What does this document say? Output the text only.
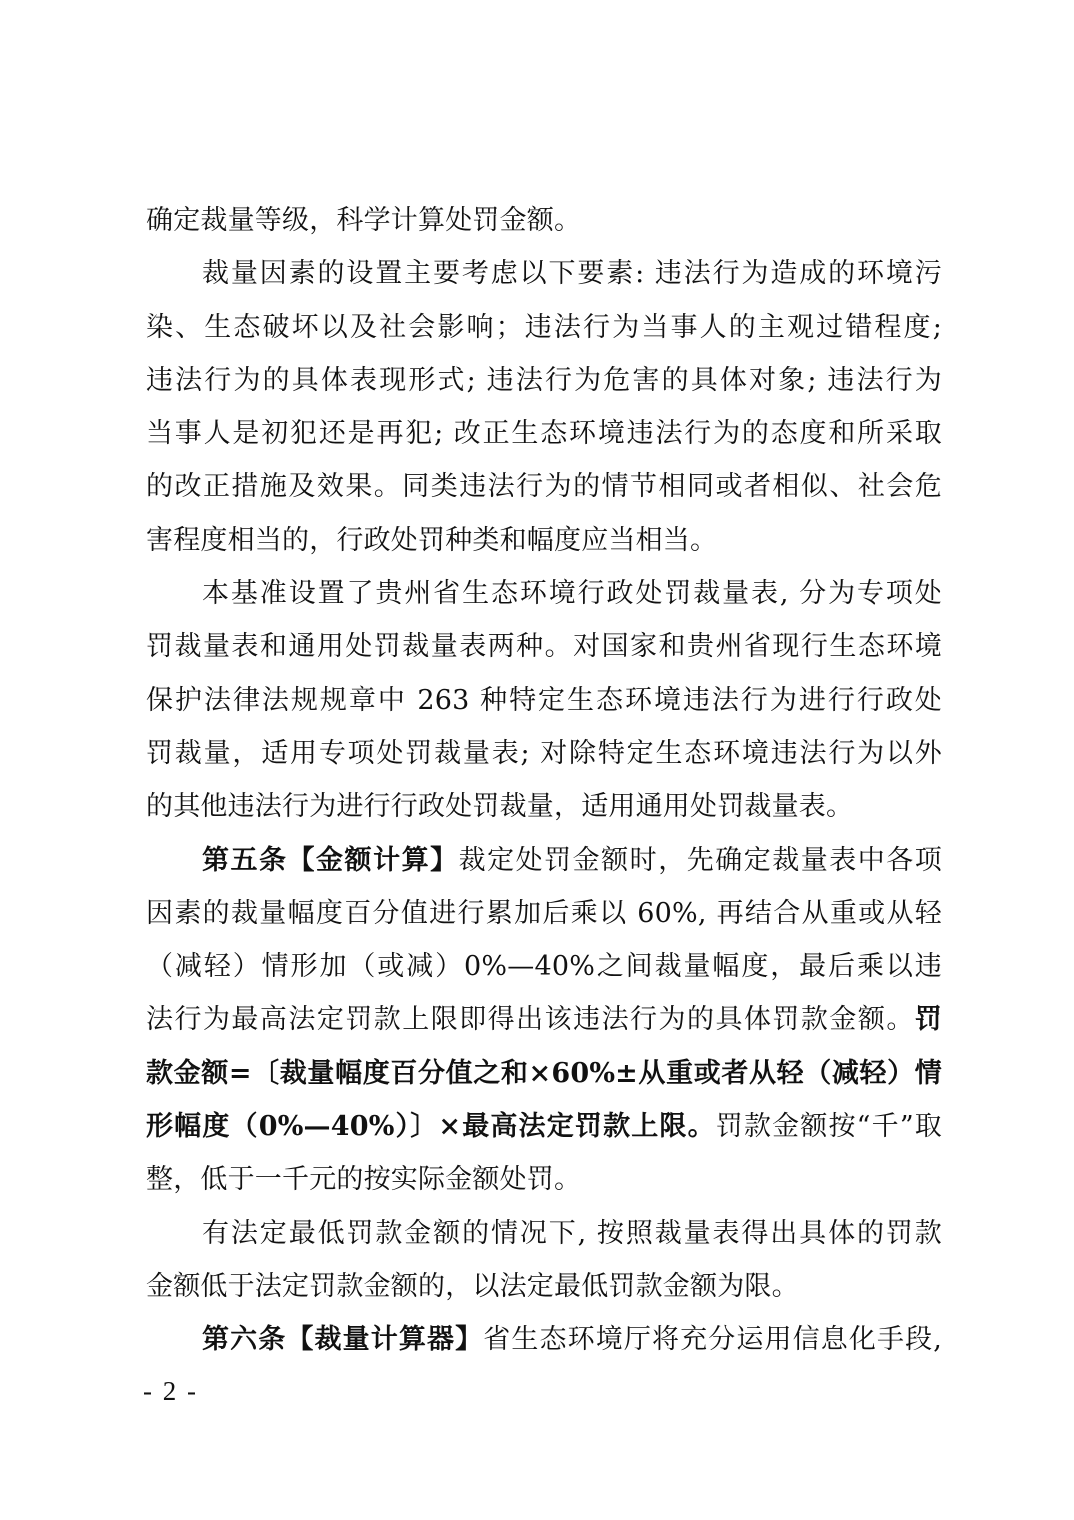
确定裁量等级，科学计算处罚金额。
裁量因素的设置主要考虑以下要素: 违法行为造成的环境污
染、生态破坏以及社会影响；违法行为当事人的主观过错程度;
违法行为的具体表现形式; 违法行为危害的具体对象; 违法行为
当事人是初犯还是再犯; 改正生态环境违法行为的态度和所采取
的改正措施及效果。同类违法行为的情节相同或者相似、社会危
害程度相当的，行政处罚种类和幅度应当相当。
本基准设置了贵州省生态环境行政处罚裁量表, 分为专项处
罚裁量表和通用处罚裁量表两种。对国家和贵州省现行生态环境
保护法律法规规章中 263 种特定生态环境违法行为进行行政处
罚裁量，适用专项处罚裁量表; 对除特定生态环境违法行为以外
的其他违法行为进行行政处罚裁量，适用通用处罚裁量表。
第五条【金额计算】裁定处罚金额时，先确定裁量表中各项
因素的裁量幅度百分值进行累加后乘以 60%, 再结合从重或从轻
（减轻）情形加（或减）0%—40%之间裁量幅度，最后乘以违
法行为最高法定罚款上限即得出该违法行为的具体罚款金额。罚
款金额=〔裁量幅度百分值之和×60%±从重或者从轻（减轻）情
形幅度（0%—40%）〕×最高法定罚款上限。罚款金额按“千”取
整，低于一千元的按实际金额处罚。
有法定最低罚款金额的情况下, 按照裁量表得出具体的罚款
金额低于法定罚款金额的，以法定最低罚款金额为限。
第六条【裁量计算器】省生态环境厅将充分运用信息化手段,
- 2 -
